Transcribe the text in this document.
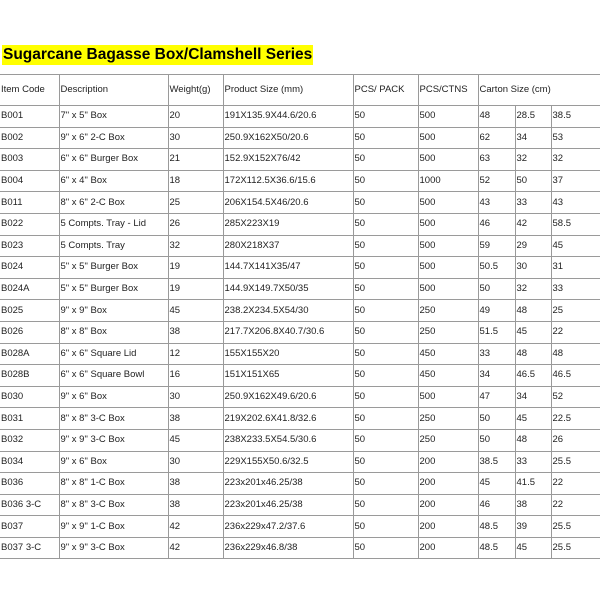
Sugarcane Bagasse Box/Clamshell Series
Item Code	Description	Weight(g)	Product Size (mm)	PCS/ PACK	PCS/CTNS	Carton Size (cm)		
B001	7" x 5" Box	20	191X135.9X44.6/20.6	50	500	48	28.5	38.5
B002	9" x 6" 2-C Box	30	250.9X162X50/20.6	50	500	62	34	53
B003	6" x 6" Burger Box	21	152.9X152X76/42	50	500	63	32	32
B004	6" x 4" Box	18	172X112.5X36.6/15.6	50	1000	52	50	37
B011	8" x 6" 2-C Box	25	206X154.5X46/20.6	50	500	43	33	43
B022	5 Compts. Tray - Lid	26	285X223X19	50	500	46	42	58.5
B023	5 Compts. Tray	32	280X218X37	50	500	59	29	45
B024	5" x 5" Burger Box	19	144.7X141X35/47	50	500	50.5	30	31
B024A	5" x 5" Burger Box	19	144.9X149.7X50/35	50	500	50	32	33
B025	9" x 9" Box	45	238.2X234.5X54/30	50	250	49	48	25
B026	8" x 8" Box	38	217.7X206.8X40.7/30.6	50	250	51.5	45	22
B028A	6" x 6" Square Lid	12	155X155X20	50	450	33	48	48
B028B	6" x 6" Square Bowl	16	151X151X65	50	450	34	46.5	46.5
B030	9" x 6" Box	30	250.9X162X49.6/20.6	50	500	47	34	52
B031	8" x 8" 3-C Box	38	219X202.6X41.8/32.6	50	250	50	45	22.5
B032	9" x 9" 3-C Box	45	238X233.5X54.5/30.6	50	250	50	48	26
B034	9" x 6" Box	30	229X155X50.6/32.5	50	200	38.5	33	25.5
B036	8" x 8" 1-C Box	38	223x201x46.25/38	50	200	45	41.5	22
B036 3-C	8" x 8" 3-C Box	38	223x201x46.25/38	50	200	46	38	22
B037	9" x 9" 1-C Box	42	236x229x47.2/37.6	50	200	48.5	39	25.5
B037 3-C	9" x 9" 3-C Box	42	236x229x46.8/38	50	200	48.5	45	25.5
